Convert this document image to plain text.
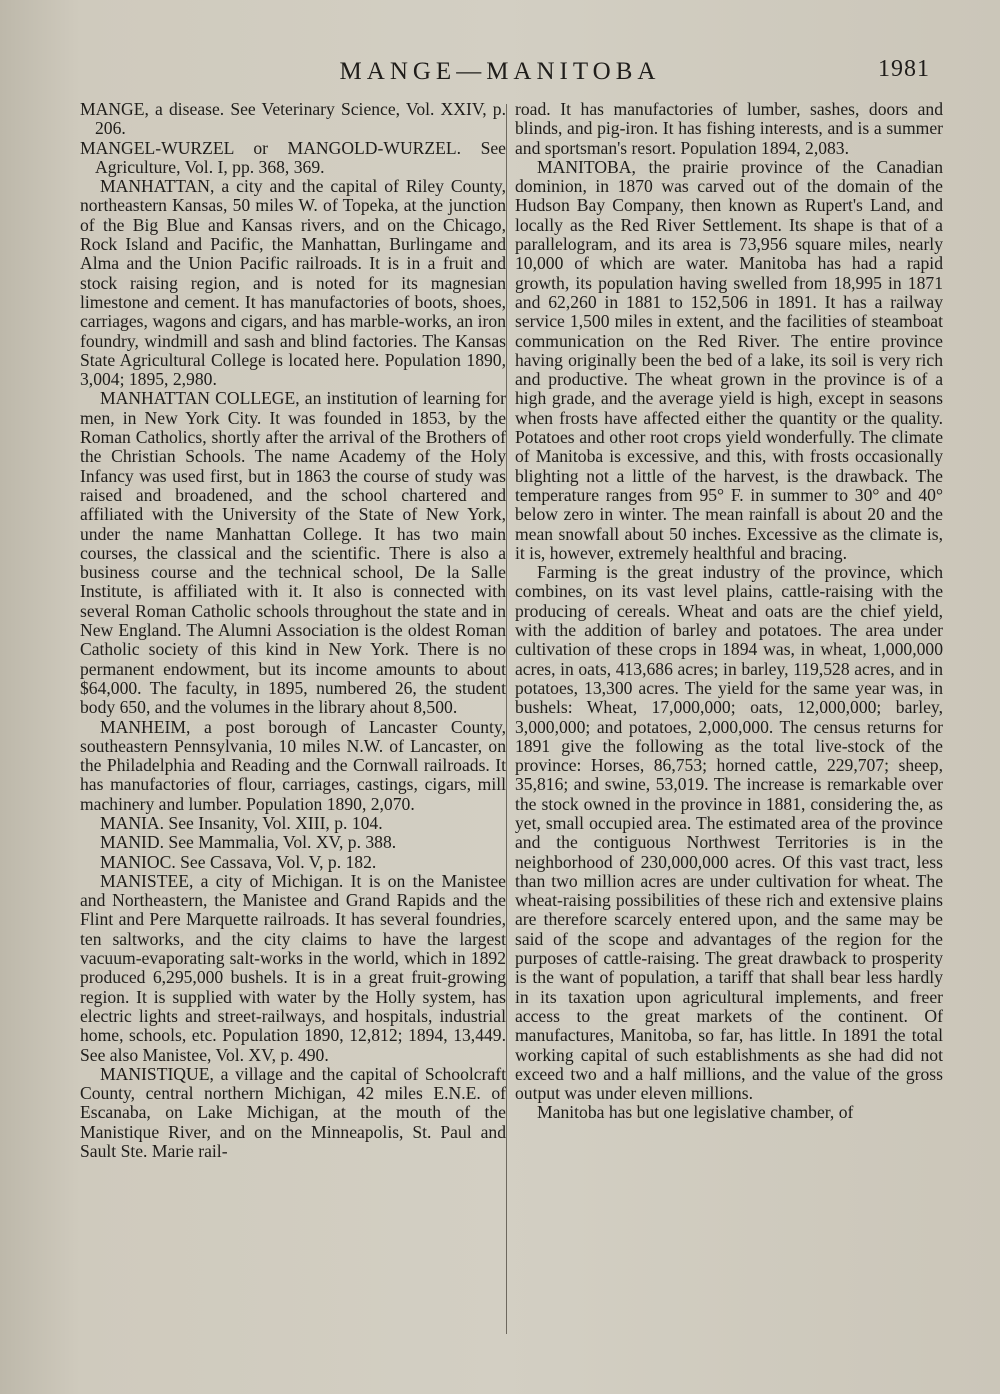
MANGE—MANITOBA	1981

MANGE, a disease. See Veterinary Science, Vol. XXIV, p. 206.

MANGEL-WURZEL or MANGOLD-WURZEL. See Agriculture, Vol. I, pp. 368, 369.

MANHATTAN, a city and the capital of Riley County, northeastern Kansas, 50 miles W. of Topeka, at the junction of the Big Blue and Kansas rivers, and on the Chicago, Rock Island and Pacific, the Manhattan, Burlingame and Alma and the Union Pacific railroads. It is in a fruit and stock raising region, and is noted for its magnesian limestone and cement. It has manufactories of boots, shoes, carriages, wagons and cigars, and has marble-works, an iron foundry, windmill and sash and blind factories. The Kansas State Agricultural College is located here. Population 1890, 3,004; 1895, 2,980.

MANHATTAN COLLEGE, an institution of learning for men, in New York City. It was founded in 1853, by the Roman Catholics, shortly after the arrival of the Brothers of the Christian Schools. The name Academy of the Holy Infancy was used first, but in 1863 the course of study was raised and broadened, and the school chartered and affiliated with the University of the State of New York, under the name Manhattan College. It has two main courses, the classical and the scientific. There is also a business course and the technical school, De la Salle Institute, is affiliated with it. It also is connected with several Roman Catholic schools throughout the state and in New England. The Alumni Association is the oldest Roman Catholic society of this kind in New York. There is no permanent endowment, but its income amounts to about $64,000. The faculty, in 1895, numbered 26, the student body 650, and the volumes in the library ahout 8,500.

MANHEIM, a post borough of Lancaster County, southeastern Pennsylvania, 10 miles N.W. of Lancaster, on the Philadelphia and Reading and the Cornwall railroads. It has manufactories of flour, carriages, castings, cigars, mill machinery and lumber. Population 1890, 2,070.

MANIA. See Insanity, Vol. XIII, p. 104.

MANID. See Mammalia, Vol. XV, p. 388.

MANIOC. See Cassava, Vol. V, p. 182.

MANISTEE, a city of Michigan. It is on the Manistee and Northeastern, the Manistee and Grand Rapids and the Flint and Pere Marquette railroads. It has several foundries, ten saltworks, and the city claims to have the largest vacuum-evaporating salt-works in the world, which in 1892 produced 6,295,000 bushels. It is in a great fruit-growing region. It is supplied with water by the Holly system, has electric lights and street-railways, and hospitals, industrial home, schools, etc. Population 1890, 12,812; 1894, 13,449. See also Manistee, Vol. XV, p. 490.

MANISTIQUE, a village and the capital of Schoolcraft County, central northern Michigan, 42 miles E.N.E. of Escanaba, on Lake Michigan, at the mouth of the Manistique River, and on the Minneapolis, St. Paul and Sault Ste. Marie rail-

road. It has manufactories of lumber, sashes, doors and blinds, and pig-iron. It has fishing interests, and is a summer and sportsman's resort. Population 1894, 2,083.

MANITOBA, the prairie province of the Canadian dominion, in 1870 was carved out of the domain of the Hudson Bay Company, then known as Rupert's Land, and locally as the Red River Settlement. Its shape is that of a parallelogram, and its area is 73,956 square miles, nearly 10,000 of which are water. Manitoba has had a rapid growth, its population having swelled from 18,995 in 1871 and 62,260 in 1881 to 152,506 in 1891. It has a railway service 1,500 miles in extent, and the facilities of steamboat communication on the Red River. The entire province having originally been the bed of a lake, its soil is very rich and productive. The wheat grown in the province is of a high grade, and the average yield is high, except in seasons when frosts have affected either the quantity or the quality. Potatoes and other root crops yield wonderfully. The climate of Manitoba is excessive, and this, with frosts occasionally blighting not a little of the harvest, is the drawback. The temperature ranges from 95° F. in summer to 30° and 40° below zero in winter. The mean rainfall is about 20 and the mean snowfall about 50 inches. Excessive as the climate is, it is, however, extremely healthful and bracing.

Farming is the great industry of the province, which combines, on its vast level plains, cattle-raising with the producing of cereals. Wheat and oats are the chief yield, with the addition of barley and potatoes. The area under cultivation of these crops in 1894 was, in wheat, 1,000,000 acres, in oats, 413,686 acres; in barley, 119,528 acres, and in potatoes, 13,300 acres. The yield for the same year was, in bushels: Wheat, 17,000,000; oats, 12,000,000; barley, 3,000,000; and potatoes, 2,000,000. The census returns for 1891 give the following as the total live-stock of the province: Horses, 86,753; horned cattle, 229,707; sheep, 35,816; and swine, 53,019. The increase is remarkable over the stock owned in the province in 1881, considering the, as yet, small occupied area. The estimated area of the province and the contiguous Northwest Territories is in the neighborhood of 230,000,000 acres. Of this vast tract, less than two million acres are under cultivation for wheat. The wheat-raising possibilities of these rich and extensive plains are therefore scarcely entered upon, and the same may be said of the scope and advantages of the region for the purposes of cattle-raising. The great drawback to prosperity is the want of population, a tariff that shall bear less hardly in its taxation upon agricultural implements, and freer access to the great markets of the continent. Of manufactures, Manitoba, so far, has little. In 1891 the total working capital of such establishments as she had did not exceed two and a half millions, and the value of the gross output was under eleven millions.

Manitoba has but one legislative chamber, of
